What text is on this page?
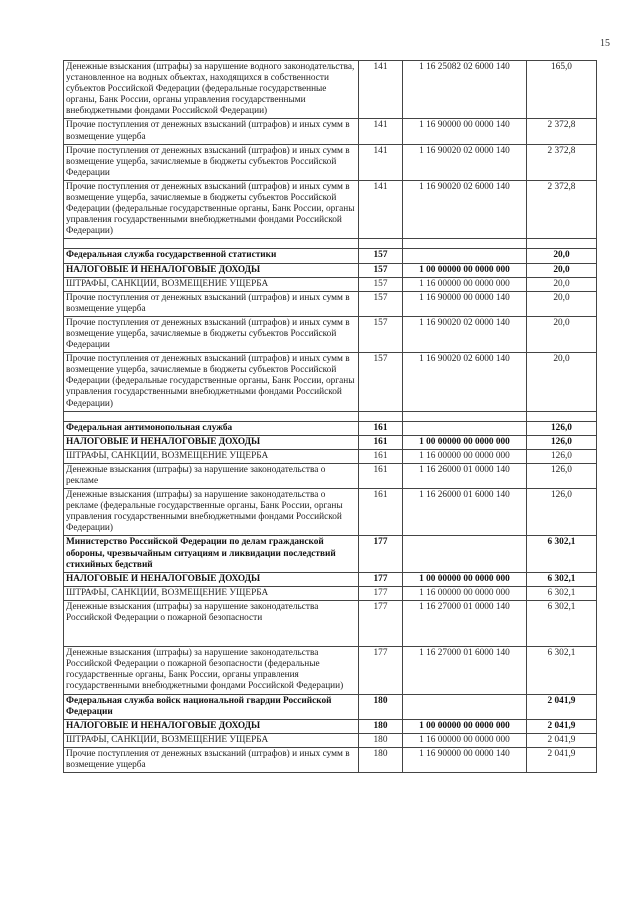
15
Денежные взыскания (штрафы) за нарушение водного законодательства, установленное на водных объектах, находящихся в собственности субъектов Российской Федерации (федеральные государственные органы, Банк России, органы управления государственными внебюджетными фондами Российской Федерации)	141	1 16 25082 02 6000 140	165,0
Прочие поступления от денежных взысканий (штрафов) и иных сумм в возмещение ущерба	141	1 16 90000 00 0000 140	2 372,8
Прочие поступления от денежных взысканий (штрафов) и иных сумм в возмещение ущерба, зачисляемые в бюджеты субъектов Российской Федерации	141	1 16 90020 02 0000 140	2 372,8
Прочие поступления от денежных взысканий (штрафов) и иных сумм в возмещение ущерба, зачисляемые в бюджеты субъектов Российской Федерации (федеральные государственные органы, Банк России, органы управления государственными внебюджетными фондами Российской Федерации)	141	1 16 90020 02 6000 140	2 372,8

Федеральная служба государственной статистики	157		20,0
НАЛОГОВЫЕ И НЕНАЛОГОВЫЕ ДОХОДЫ	157	1 00 00000 00 0000 000	20,0
ШТРАФЫ, САНКЦИИ, ВОЗМЕЩЕНИЕ УЩЕРБА	157	1 16 00000 00 0000 000	20,0
Прочие поступления от денежных взысканий (штрафов) и иных сумм в возмещение ущерба	157	1 16 90000 00 0000 140	20,0
Прочие поступления от денежных взысканий (штрафов) и иных сумм в возмещение ущерба, зачисляемые в бюджеты субъектов Российской Федерации	157	1 16 90020 02 0000 140	20,0
Прочие поступления от денежных взысканий (штрафов) и иных сумм в возмещение ущерба, зачисляемые в бюджеты субъектов Российской Федерации (федеральные государственные органы, Банк России, органы управления государственными внебюджетными фондами Российской Федерации)	157	1 16 90020 02 6000 140	20,0

Федеральная антимонопольная служба	161		126,0
НАЛОГОВЫЕ И НЕНАЛОГОВЫЕ ДОХОДЫ	161	1 00 00000 00 0000 000	126,0
ШТРАФЫ, САНКЦИИ, ВОЗМЕЩЕНИЕ УЩЕРБА	161	1 16 00000 00 0000 000	126,0
Денежные взыскания (штрафы) за нарушение законодательства о рекламе	161	1 16 26000 01 0000 140	126,0
Денежные взыскания (штрафы) за нарушение законодательства о рекламе (федеральные государственные органы, Банк России, органы управления государственными внебюджетными фондами Российской Федерации)	161	1 16 26000 01 6000 140	126,0
Министерство Российской Федерации по делам гражданской обороны, чрезвычайным ситуациям и ликвидации последствий стихийных бедствий	177		6 302,1
НАЛОГОВЫЕ И НЕНАЛОГОВЫЕ ДОХОДЫ	177	1 00 00000 00 0000 000	6 302,1
ШТРАФЫ, САНКЦИИ, ВОЗМЕЩЕНИЕ УЩЕРБА	177	1 16 00000 00 0000 000	6 302,1
Денежные взыскания (штрафы) за нарушение законодательства Российской Федерации о пожарной безопасности	177	1 16 27000 01 0000 140	6 302,1
Денежные взыскания (штрафы) за нарушение законодательства Российской Федерации о пожарной безопасности (федеральные государственные органы, Банк России, органы управления государственными внебюджетными фондами Российской Федерации)	177	1 16 27000 01 6000 140	6 302,1
Федеральная служба войск национальной гвардии Российской Федерации	180		2 041,9
НАЛОГОВЫЕ И НЕНАЛОГОВЫЕ ДОХОДЫ	180	1 00 00000 00 0000 000	2 041,9
ШТРАФЫ, САНКЦИИ, ВОЗМЕЩЕНИЕ УЩЕРБА	180	1 16 00000 00 0000 000	2 041,9
Прочие поступления от денежных взысканий (штрафов) и иных сумм в возмещение ущерба	180	1 16 90000 00 0000 140	2 041,9
